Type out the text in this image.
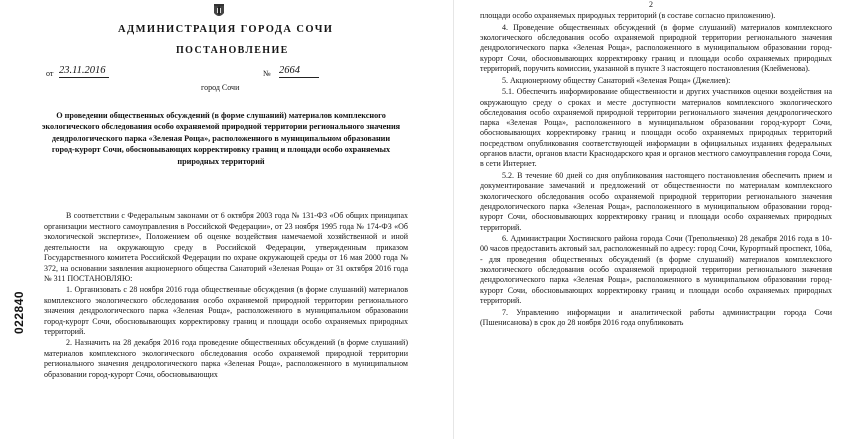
АДМИНИСТРАЦИЯ ГОРОДА СОЧИ
ПОСТАНОВЛЕНИЕ
от 23.11.2016	№ 2664
город Сочи
О проведении общественных обсуждений (в форме слушаний) материалов комплексного экологического обследования особо охраняемой природной территории регионального значения дендрологического парка «Зеленая Роща», расположенного в муниципальном образовании город-курорт Сочи, обосновывающих корректировку границ и площади особо охраняемых природных территорий
022840

В соответствии с Федеральным законами от 6 октября 2003 года № 131-ФЗ «Об общих принципах организации местного самоуправления в Российской Федерации», от 23 ноября 1995 года № 174-ФЗ «Об экологической экспертизе», Положением об оценке воздействия намечаемой хозяйственной и иной деятельности на окружающую среду в Российской Федерации, утвержденным приказом Государственного комитета Российской Федерации по охране окружающей среды от 16 мая 2000 года № 372, на основании заявления акционерного общества Санаторий «Зеленая Роща» от 31 октября 2016 года № 311 ПОСТАНОВЛЯЮ:

1. Организовать с 28 ноября 2016 года общественные обсуждения (в форме слушаний) материалов комплексного экологического обследования особо охраняемой природной территории регионального значения дендрологического парка «Зеленая Роща», расположенного в муниципальном образовании город-курорт Сочи, обосновывающих корректировку границ и площади особо охраняемых природных территорий.

2. Назначить на 28 декабря 2016 года проведение общественных обсуждений (в форме слушаний) материалов комплексного экологического обследования особо охраняемой природной территории регионального значения дендрологического парка «Зеленая Роща», расположенного в муниципальном образовании город-курорт Сочи, обосновывающих

2

площади особо охраняемых природных территорий (в составе согласно приложению).

4. Проведение общественных обсуждений (в форме слушаний) материалов комплексного экологического обследования особо охраняемой природной территории регионального значения дендрологического парка «Зеленая Роща», расположенного в муниципальном образовании город-курорт Сочи, обосновывающих корректировку границ и площади особо охраняемых природных территорий, поручить комиссии, указанной в пункте 3 настоящего постановления (Клейменова).

5. Акционерному обществу Санаторий «Зеленая Роща» (Джелиев):

5.1. Обеспечить информирование общественности и других участников оценки воздействия на окружающую среду о сроках и месте доступности материалов комплексного экологического обследования особо охраняемой природной территории регионального значения дендрологического парка «Зеленая Роща», расположенного в муниципальном образовании город-курорт Сочи, обосновывающих корректировку границ и площади особо охраняемых природных территорий посредством опубликования соответствующей информации в официальных изданиях федеральных органов власти, органов власти Краснодарского края и органов местного самоуправления города Сочи, в сети Интернет.

5.2. В течение 60 дней со дня опубликования настоящего постановления обеспечить прием и документирование замечаний и предложений от общественности по материалам комплексного экологического обследования особо охраняемой природной территории регионального значения дендрологического парка «Зеленая Роща», расположенного в муниципальном образовании город-курорт Сочи, обосновывающих корректировку границ и площади особо охраняемых природных территорий.

6. Администрации Хостинского района города Сочи (Трепольченко) 28 декабря 2016 года в 10-00 часов предоставить актовый зал, расположенный по адресу: город Сочи, Курортный проспект, 106а, - для проведения общественных обсуждений (в форме слушаний) материалов комплексного экологического обследования особо охраняемой природной территории регионального значения дендрологического парка «Зеленая Роща», расположенного в муниципальном образовании город-курорт Сочи, обосновывающих корректировку границ и площади особо охраняемых природных территорий.

7. Управлению информации и аналитической работы администрации города Сочи (Пшенисанова) в срок до 28 ноября 2016 года опубликовать
